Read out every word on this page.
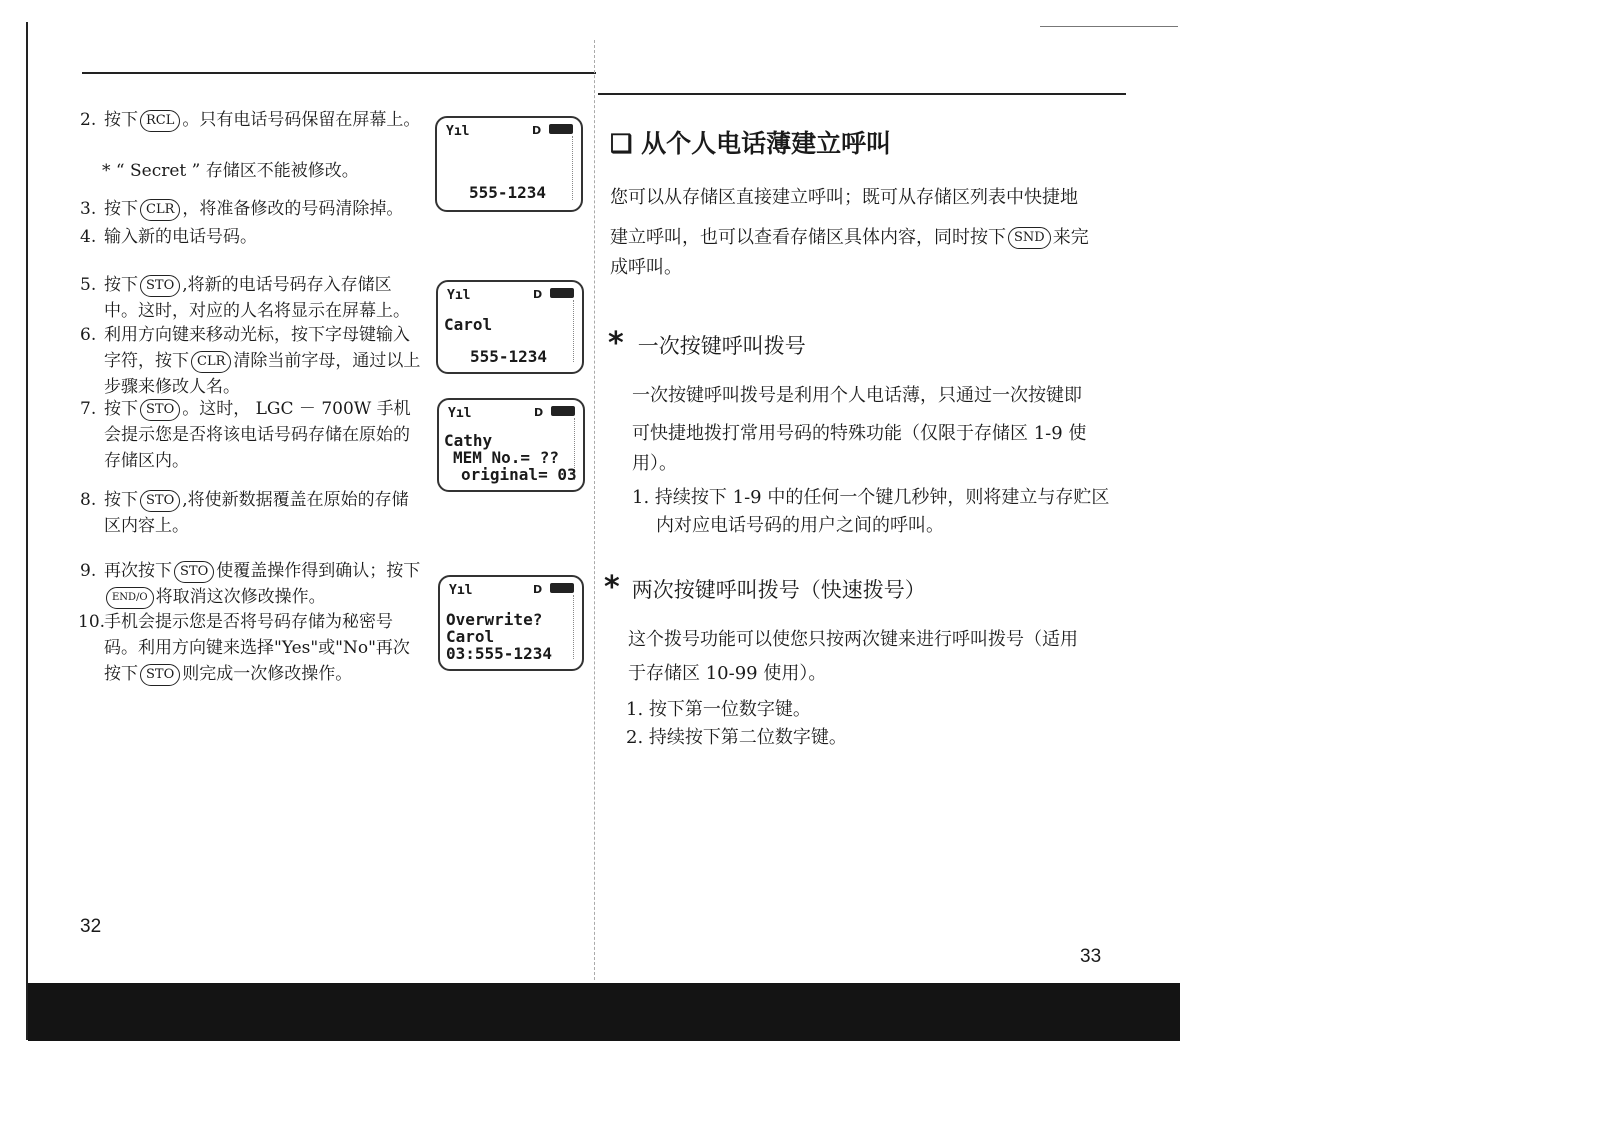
2. 按下 RCL 。只有电话号码保留在屏幕上。
* “ Secret ” 存储区不能被修改。
3. 按下 CLR ，将准备修改的号码清除掉。
4. 输入新的电话号码。
5. 按下 STO ,将新的电话号码存入存储区中。这时，对应的人名将显示在屏幕上。
6. 利用方向键来移动光标，按下字母键输入字符，按下 CLR 清除当前字母，通过以上步骤来修改人名。
7. 按下 STO 。这时， LGC － 700W 手机会提示您是否将该电话号码存储在原始的存储区内。
8. 按下 STO ,将使新数据覆盖在原始的存储区内容上。
9. 再次按下 STO 使覆盖操作得到确认；按下END/O 将取消这次修改操作。
10.
手机会提示您是否将号码存储为秘密号码。利用方向键来选择"Yes"或"No"再次按下 STO 则完成一次修改操作。
32
Yıl	D
555-1234
Yıl	D
Carol
555-1234
Yıl	D
Cathy
MEM No.= ??
original= 03
Yıl	D
Overwrite?
Carol
03:555-1234
❑ 从个人电话薄建立呼叫
您可以从存储区直接建立呼叫；既可从存储区列表中快捷地
建立呼叫，也可以查看存储区具体内容，同时按下 SND 来完
成呼叫。
* 一次按键呼叫拨号
一次按键呼叫拨号是利用个人电话薄，只通过一次按键即
可快捷地拨打常用号码的特殊功能（仅限于存储区 1-9 使
用）。
1. 持续按下 1-9 中的任何一个键几秒钟，则将建立与存贮区
内对应电话号码的用户之间的呼叫。
* 两次按键呼叫拨号（快速拨号）
这个拨号功能可以使您只按两次键来进行呼叫拨号（适用
于存储区 10-99 使用）。
1. 按下第一位数字键。
2. 持续按下第二位数字键。
33
